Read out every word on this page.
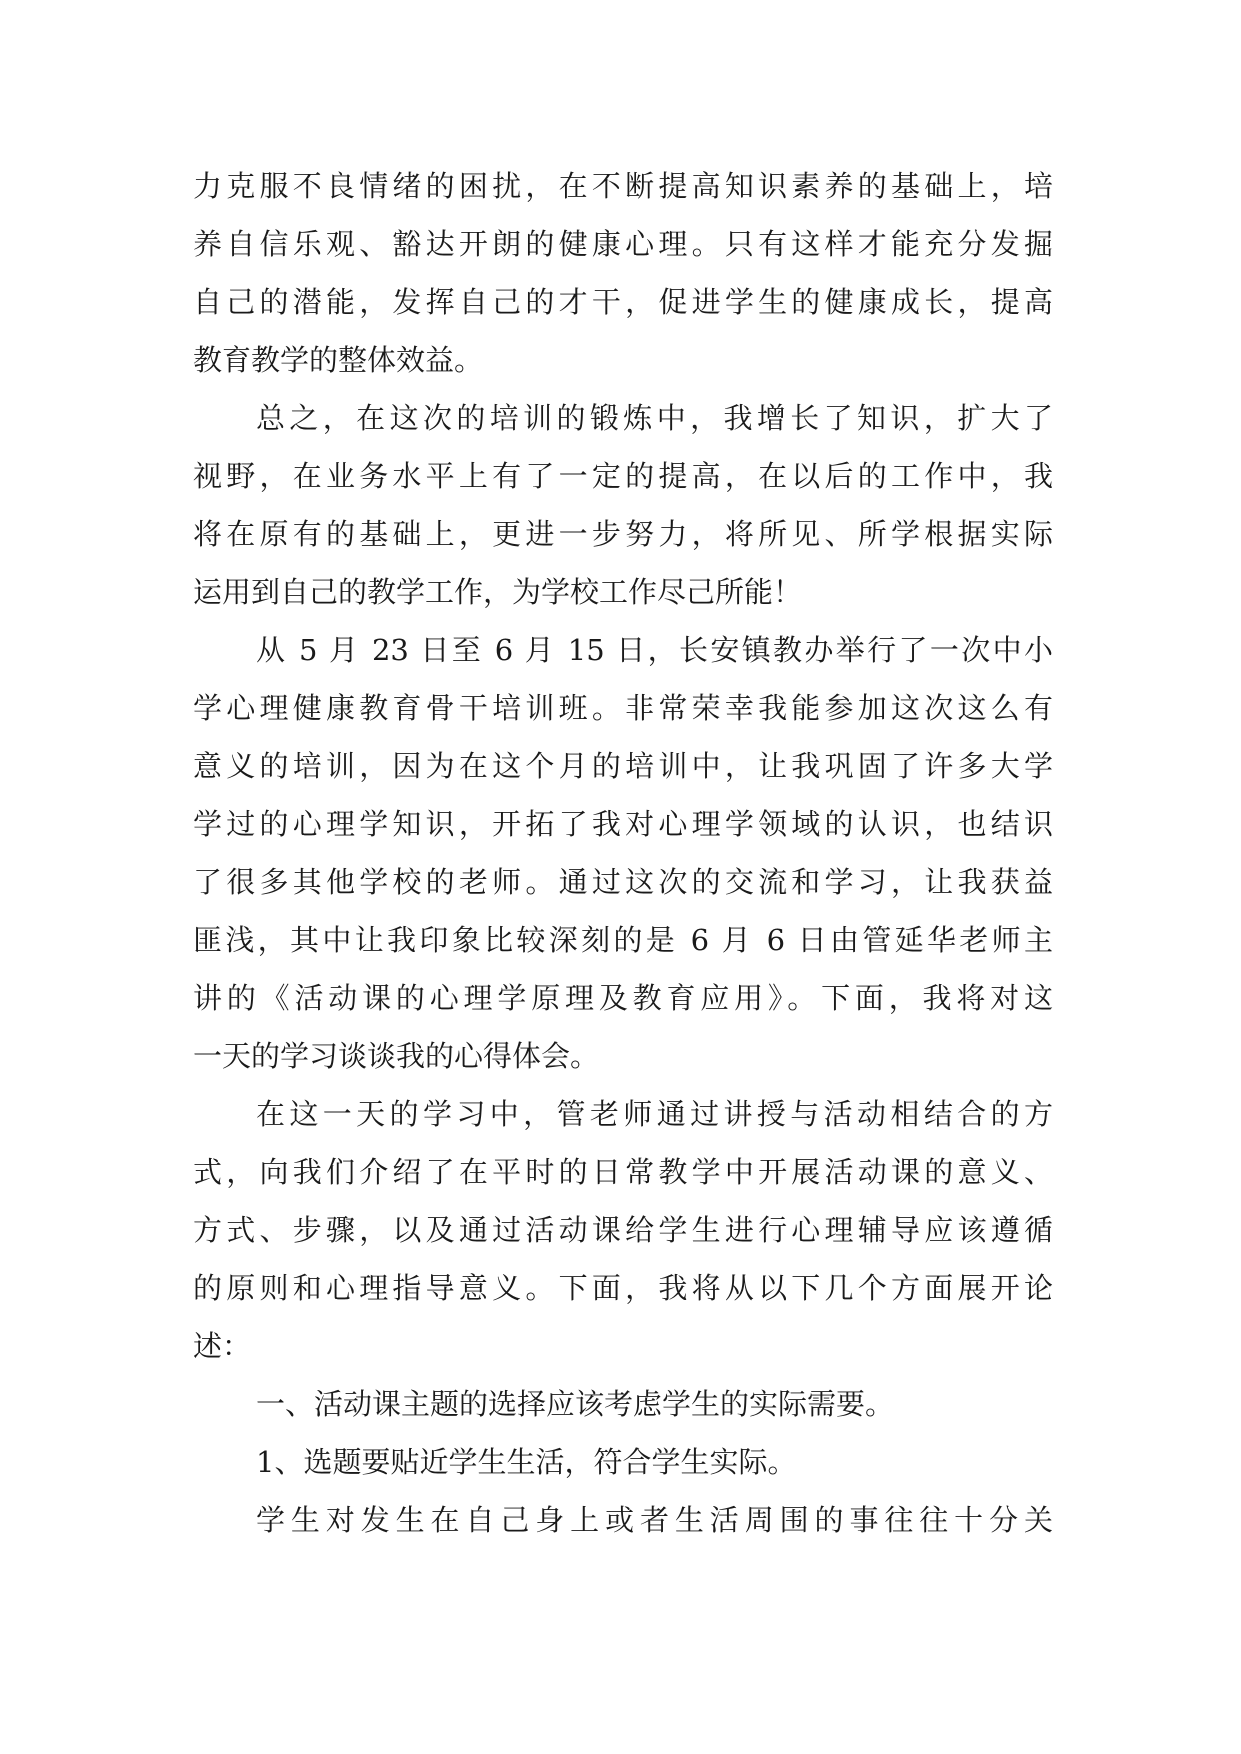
力克服不良情绪的困扰，在不断提高知识素养的基础上，培
养自信乐观、豁达开朗的健康心理。只有这样才能充分发掘
自己的潜能，发挥自己的才干，促进学生的健康成长，提高
教育教学的整体效益。
总之，在这次的培训的锻炼中，我增长了知识，扩大了
视野，在业务水平上有了一定的提高，在以后的工作中，我
将在原有的基础上，更进一步努力，将所见、所学根据实际
运用到自己的教学工作，为学校工作尽己所能！
从 5 月 23 日至 6 月 15 日，长安镇教办举行了一次中小
学心理健康教育骨干培训班。非常荣幸我能参加这次这么有
意义的培训，因为在这个月的培训中，让我巩固了许多大学
学过的心理学知识，开拓了我对心理学领域的认识，也结识
了很多其他学校的老师。通过这次的交流和学习，让我获益
匪浅，其中让我印象比较深刻的是 6 月 6 日由管延华老师主
讲的《活动课的心理学原理及教育应用》。下面，我将对这
一天的学习谈谈我的心得体会。
在这一天的学习中，管老师通过讲授与活动相结合的方
式，向我们介绍了在平时的日常教学中开展活动课的意义、
方式、步骤，以及通过活动课给学生进行心理辅导应该遵循
的原则和心理指导意义。下面，我将从以下几个方面展开论
述：
一、活动课主题的选择应该考虑学生的实际需要。
1、选题要贴近学生生活，符合学生实际。
学生对发生在自己身上或者生活周围的事往往十分关
